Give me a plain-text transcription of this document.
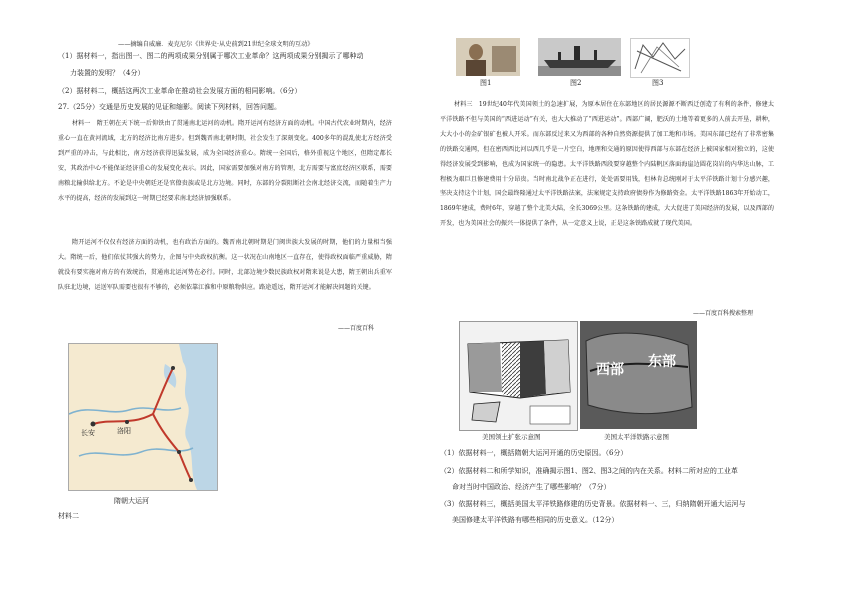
——摘编自威廉．麦克尼尔《世界史·从史前到21世纪全球文明的互动》
（1）据材料一，指出图一、图二的两项成果分别属于哪次工业革命？这两项成果分别揭示了哪种动
力装置的发明？（4分）
（2）据材料二，概括这两次工业革命在推动社会发展方面的相同影响。（6分）
27.（25分）交通是历史发展的见证和缩影。阅读下列材料，回答问题。
材料一　隋王朝在天下统一后仰铁由了贯通南北运河的动机。隋开运河有经济方面的动机。中国古代农业时期内，经济重心一直在黄河流域，北方的经济比南方进步。但到魏晋南北朝时期，社会发生了深刻变化。400多年的混乱使北方经济受到严重的冲击，与此相比，南方经济获得迅猛发展，成为全国经济重心。隋统一全国后，格外重视这个地区，但隋定都长安，其政治中心不能保证经济重心的发展变化表示。因此，国家需要加强对南方的管理，北方需要与富庶经济区联系，需要南粮北输供给北方。不论是中央朝廷还是官僚贵族或是北方边境。同时，东部的分裂阻断社会南北经济交流，而随着生产力水平的提高，经济的发展到这一时期已经要求南北经济加强联系。
隋开运河不仅仅有经济方面的动机，也有政治方面的。魏晋南北朝时期是门阀世族大发展的时期，他们的力量相当强大。隋统一后，他们依仗其强大的势力，企图与中央政权抗衡。这一状况在山南地区一直存在，使得政权面临严重威胁，隋就没有要实施对南方的有效统治，贯通南北运河势在必行。同时，北部边境少数民族政权对隋来说是大患，隋王朝出兵重军队驻北边境，运送军队需要也很有不够的，必须依靠江淮和中原粮物供应。路途遥远，隋开运河才能解决问题的关键。
——百度百科
长安	洛阳
隋朝大运河
材料二
图1	图2	图3
材料三　19世纪40年代美国领土的急速扩展，为原本居住在东部地区的居民源源不断西迁创造了有利的条件，修建太平洋铁路不但与美国的“西进运动”有关，也大大推动了“西进运动”。西部广阔，肥沃的土地等着更多的人前去开垦，耕种，大大小小的金矿银矿也被人开采。而东部反过来又为西部的各种自然资源提供了加工地和市场。美国东部已经有了非常密集的铁路交通网，但在密西西比河以西几乎是一片空白，地理和交通的原因使得西部与东部在经济上被国家相对独立的，这使得经济发展受到影响，也成为国家统一的隐患。太平洋铁路西段要穿越整个内陆帆区落面海崖边圆花岗岩的内华达山脉，工程极为艰巨且修建费用十分昂贵。当时南北战争正在进行，处处需要用钱，但林肯总统刚对于太平洋铁路计划十分感兴趣，坚决支持这个计划，国会最终隆通过太平洋铁路法案，法案规定支持政府债券作为修路资金。太平洋铁路1863年开始动工，1869年建成，费时6年，穿越了整个北美大陆，全长3069公里。这条铁路的建成，大大促进了美国经济的发展，以及西部的开发，也为美国社会的振兴一体提供了条件，从一定意义上说，正是这条铁路成就了现代美国。
——百度百科搜索整理
西部 东部
美国领土扩张示意图	美国太平洋铁路示意图
（1）依据材料一，概括隋朝大运河开通的历史原因。（6分）
（2）依据材料二和所学知识，准确揭示图1、图2、图3之间的内在关系。材料二所对应的工业革
命对当时中国政治、经济产生了哪些影响？（7分）
（3）依据材料三，概括美国太平洋铁路修建的历史背景。依据材料一、三，归纳隋朝开通大运河与
美国修建太平洋铁路有哪些相同的历史意义。（12分）
